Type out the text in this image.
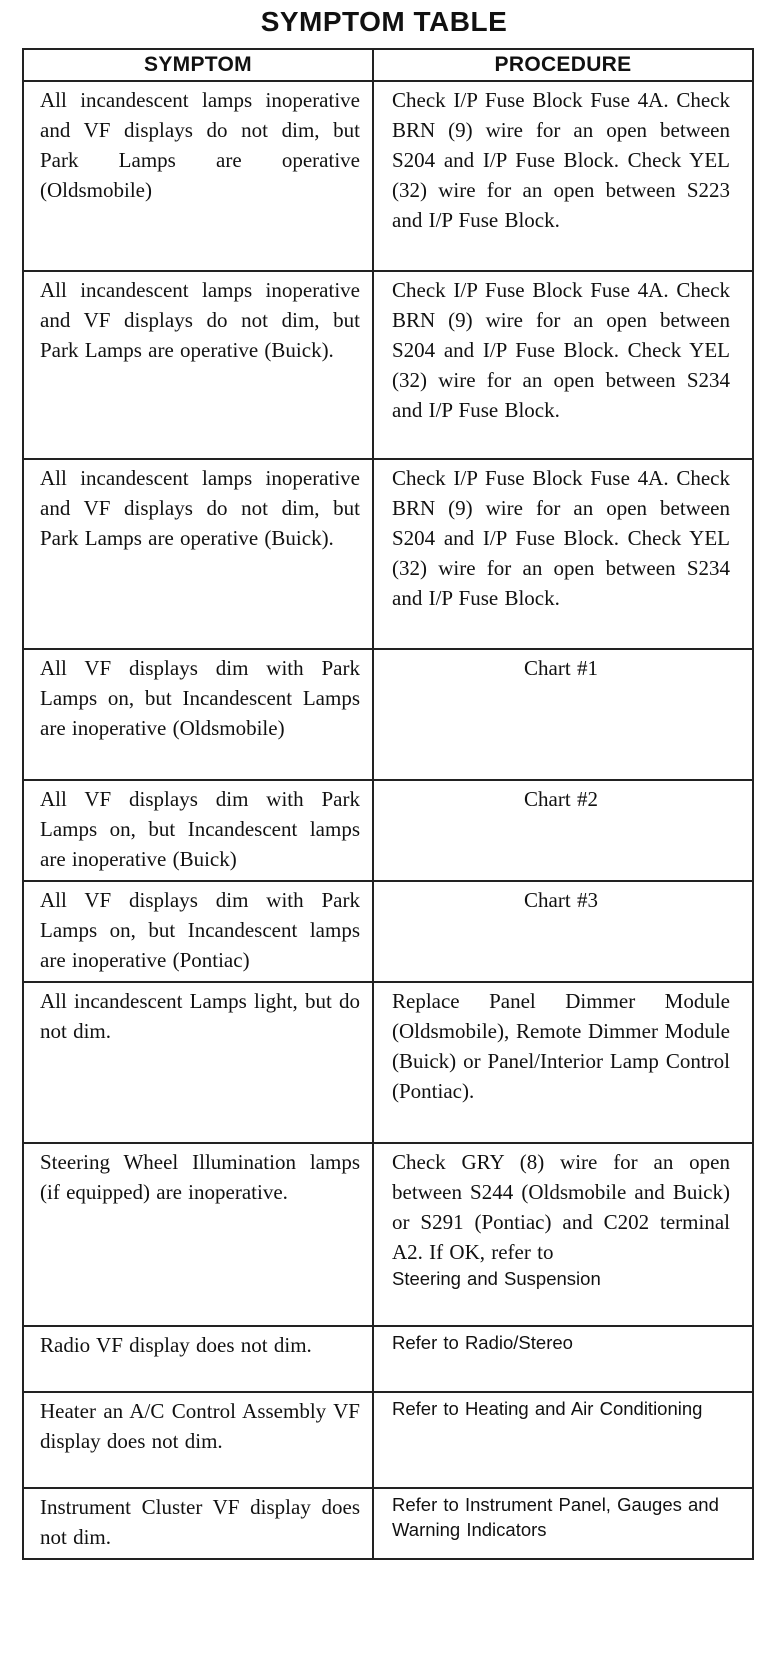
SYMPTOM TABLE
SYMPTOM	PROCEDURE
All incandescent lamps inoperative and VF displays do not dim, but Park Lamps are operative (Oldsmobile)	Check I/P Fuse Block Fuse 4A. Check BRN (9) wire for an open between S204 and I/P Fuse Block. Check YEL (32) wire for an open between S223 and I/P Fuse Block.
All incandescent lamps inoperative and VF displays do not dim, but Park Lamps are operative (Buick).	Check I/P Fuse Block Fuse 4A. Check BRN (9) wire for an open between S204 and I/P Fuse Block. Check YEL (32) wire for an open between S234 and I/P Fuse Block.
All incandescent lamps inoperative and VF displays do not dim, but Park Lamps are operative (Buick).	Check I/P Fuse Block Fuse 4A. Check BRN (9) wire for an open between S204 and I/P Fuse Block. Check YEL (32) wire for an open between S234 and I/P Fuse Block.
All VF displays dim with Park Lamps on, but Incandescent Lamps are inoperative (Oldsmobile)	Chart #1
All VF displays dim with Park Lamps on, but Incandescent lamps are inoperative (Buick)	Chart #2
All VF displays dim with Park Lamps on, but Incandescent lamps are inoperative (Pontiac)	Chart #3
All incandescent Lamps light, but do not dim.	Replace Panel Dimmer Module (Oldsmobile), Remote Dimmer Module (Buick) or Panel/Interior Lamp Control (Pontiac).
Steering Wheel Illumination lamps (if equipped) are inoperative.	Check GRY (8) wire for an open between S244 (Oldsmobile and Buick) or S291 (Pontiac) and C202 terminal A2. If OK, refer to
Steering and Suspension

Radio VF display does not dim.	Refer to Radio/Stereo
Heater an A/C Control Assembly VF display does not dim.	Refer to Heating and Air Conditioning
Instrument Cluster VF display does not dim.	Refer to Instrument Panel, Gauges and Warning Indicators
